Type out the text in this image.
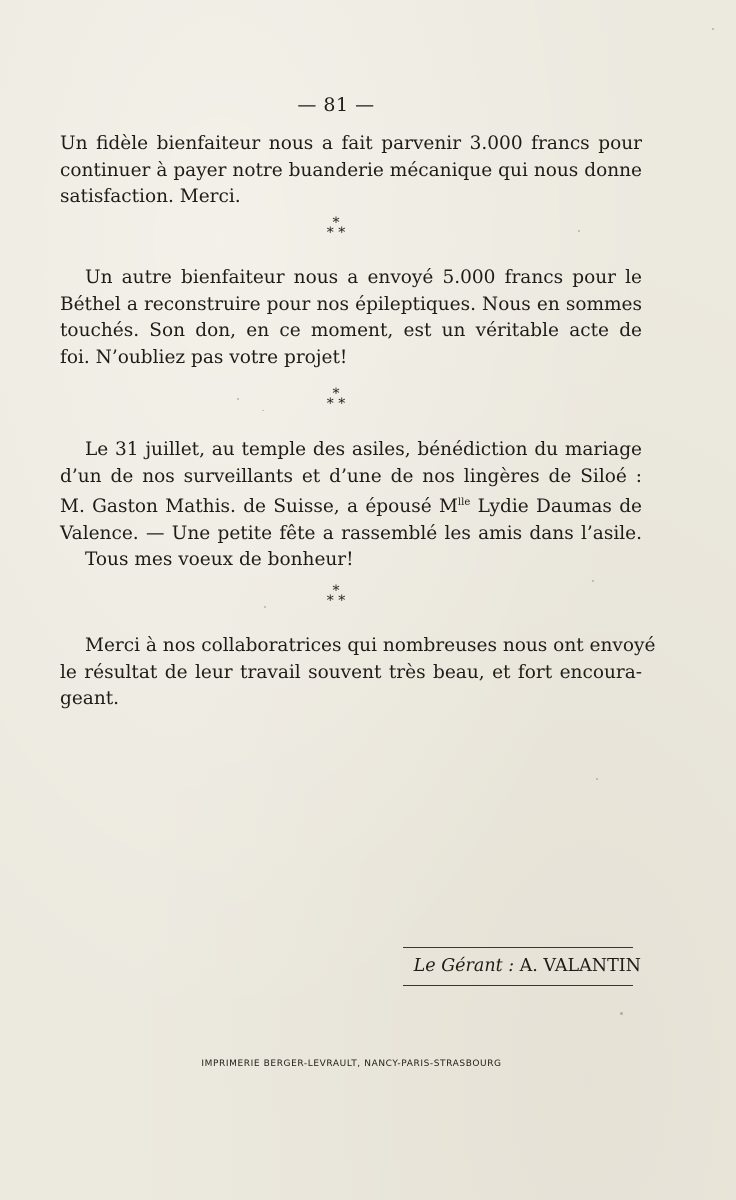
— 81 —
Un fidèle bienfaiteur nous a fait parvenir 3.000 francs pour
continuer à payer notre buanderie mécanique qui nous donne
satisfaction. Merci.
*
* *
Un autre bienfaiteur nous a envoyé 5.000 francs pour le
Béthel a reconstruire pour nos épileptiques. Nous en sommes
touchés. Son don, en ce moment, est un véritable acte de
foi. N’oubliez pas votre projet!
*
* *
Le 31 juillet, au temple des asiles, bénédiction du mariage
d’un de nos surveillants et d’une de nos lingères de Siloé :
M. Gaston Mathis. de Suisse, a épousé $M^{lle}$ Lydie Daumas de
Valence. — Une petite fête a rassemblé les amis dans l’asile.
Tous mes voeux de bonheur!
*
* *
Merci à nos collaboratrices qui nombreuses nous ont envoyé
le résultat de leur travail souvent très beau, et fort encoura-
geant.
Le Gérant : A. VALANTIN
IMPRIMERIE BERGER-LEVRAULT, NANCY-PARIS-STRASBOURG
